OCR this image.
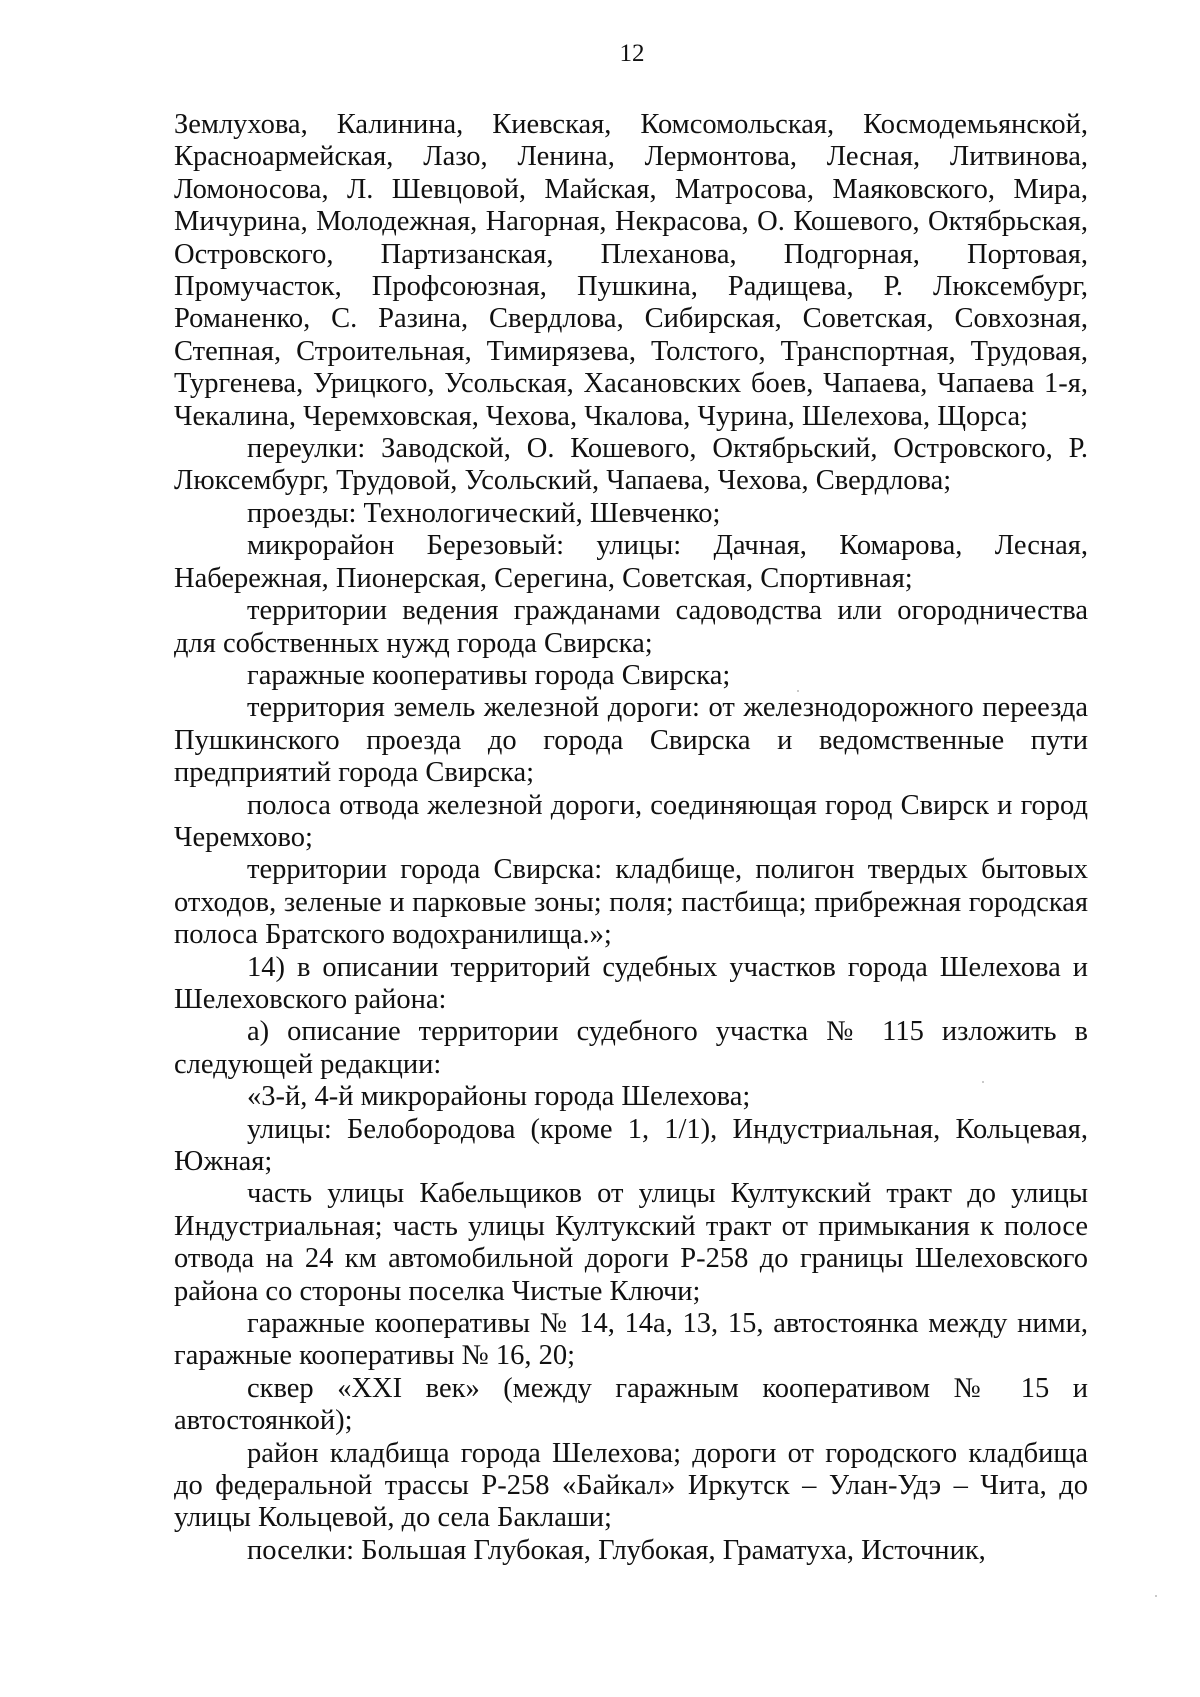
12

Землухова, Калинина, Киевская, Комсомольская, Космодемьянской, Красноармейская, Лазо, Ленина, Лермонтова, Лесная, Литвинова, Ломоносова, Л. Шевцовой, Майская, Матросова, Маяковского, Мира, Мичурина, Молодежная, Нагорная, Некрасова, О. Кошевого, Октябрьская, Островского, Партизанская, Плеханова, Подгорная, Портовая, Промучасток, Профсоюзная, Пушкина, Радищева, Р. Люксембург, Романенко, С. Разина, Свердлова, Сибирская, Советская, Совхозная, Степная, Строительная, Тимирязева, Толстого, Транспортная, Трудовая, Тургенева, Урицкого, Усольская, Хасановских боев, Чапаева, Чапаева 1-я, Чекалина, Черемховская, Чехова, Чкалова, Чурина, Шелехова, Щорса;

переулки: Заводской, О. Кошевого, Октябрьский, Островского, Р. Люксембург, Трудовой, Усольский, Чапаева, Чехова, Свердлова;

проезды: Технологический, Шевченко;

микрорайон Березовый: улицы: Дачная, Комарова, Лесная, Набережная, Пионерская, Серегина, Советская, Спортивная;

территории ведения гражданами садоводства или огородничества для собственных нужд города Свирска;

гаражные кооперативы города Свирска;

территория земель железной дороги: от железнодорожного переезда Пушкинского проезда до города Свирска и ведомственные пути предприятий города Свирска;

полоса отвода железной дороги, соединяющая город Свирск и город Черемхово;

территории города Свирска: кладбище, полигон твердых бытовых отходов, зеленые и парковые зоны; поля; пастбища; прибрежная городская полоса Братского водохранилища.»;

14) в описании территорий судебных участков города Шелехова и Шелеховского района:

а) описание территории судебного участка № 115 изложить в следующей редакции:

«3-й, 4-й микрорайоны города Шелехова;

улицы: Белобородова (кроме 1, 1/1), Индустриальная, Кольцевая, Южная;

часть улицы Кабельщиков от улицы Култукский тракт до улицы Индустриальная; часть улицы Култукский тракт от примыкания к полосе отвода на 24 км автомобильной дороги Р-258 до границы Шелеховского района со стороны поселка Чистые Ключи;

гаражные кооперативы № 14, 14а, 13, 15, автостоянка между ними, гаражные кооперативы № 16, 20;

сквер «XXI век» (между гаражным кооперативом № 15 и автостоянкой);

район кладбища города Шелехова; дороги от городского кладбища до федеральной трассы Р-258 «Байкал» Иркутск – Улан-Удэ – Чита, до улицы Кольцевой, до села Баклаши;

поселки: Большая Глубокая, Глубокая, Граматуха, Источник,
